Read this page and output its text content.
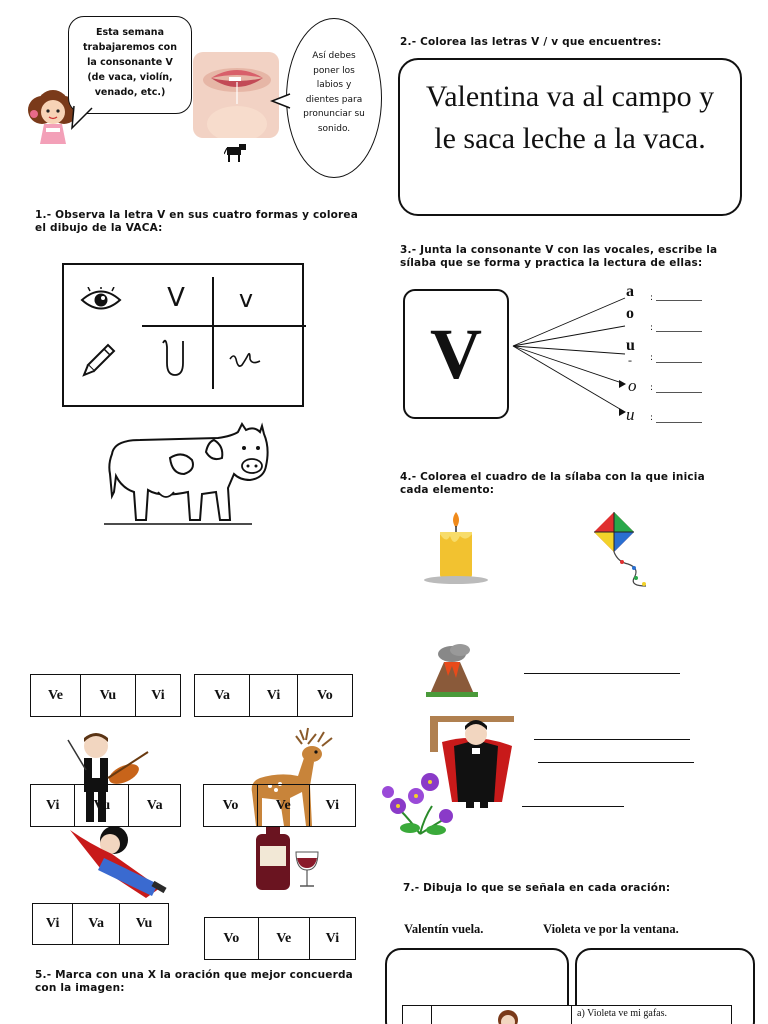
Esta semana trabajaremos con la consonante V (de vaca, violín, venado, etc.)
Así debes poner los labios y dientes para pronunciar su sonido.
1.- Observa la letra V en sus cuatro formas y colorea el dibujo de la VACA:
V	v
2.- Colorea las letras V / v que encuentres:
Valentina va al campo y le saca leche a la vaca.
3.- Junta la consonante V con las vocales, escribe la sílaba que se forma y practica la lectura de ellas:
V
a
o
u
-
o
u
:
:
:
:
:
4.- Colorea el cuadro de la sílaba con la que inicia cada elemento:
Ve	Vu	Vi	Va	Vi	Vo
Vi	Vu	Va	Vo	Ve	Vi
Vi	Va	Vu
Vo	Ve	Vi
5.- Marca con una X la oración que mejor concuerda con la imagen:
7.- Dibuja lo que se señala en cada oración:
Valentín vuela.	Violeta ve por la ventana.
a) Violeta ve mi gafas.
